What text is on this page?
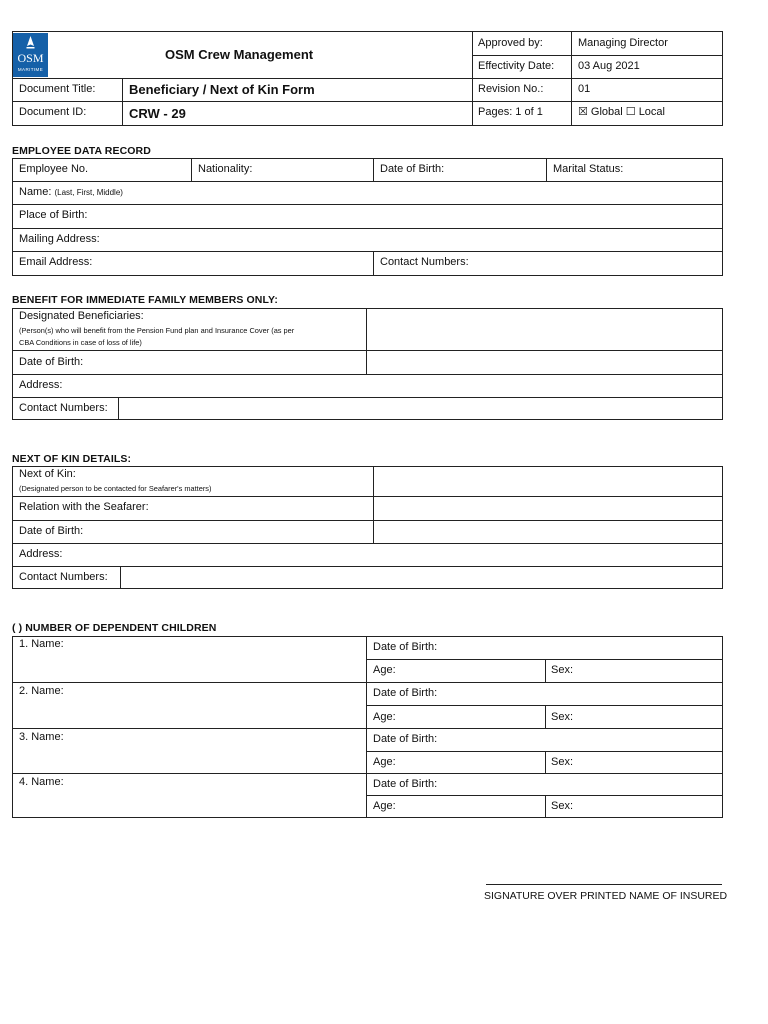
OSM
MARITIME
OSM Crew Management
Document Title:	Beneficiary / Next of Kin Form
Document ID:	CRW - 29
Approved by:	Managing Director
Effectivity Date: 03 Aug 2021
Revision No.:	01
Pages: 1 of 1	☒ Global ☐ Local
EMPLOYEE DATA RECORD
Employee No.	Nationality:	Date of Birth:	Marital Status:
Name: (Last, First, Middle)
Place of Birth:
Mailing Address:
Email Address:	Contact Numbers:
BENEFIT FOR IMMEDIATE FAMILY MEMBERS ONLY:
Designated Beneficiaries:
(Person(s) who will benefit from the Pension Fund plan and Insurance Cover (as per
CBA Conditions in case of loss of life)
Date of Birth:
Address:
Contact Numbers:
NEXT OF KIN DETAILS:
Next of Kin:
(Designated person to be contacted for Seafarer's matters)
Relation with the Seafarer:
Date of Birth:
Address:
Contact Numbers:
( ) NUMBER OF DEPENDENT CHILDREN
1. Name:	Date of Birth:
Age:	Sex:
2. Name:	Date of Birth:
Age:	Sex:
3. Name:	Date of Birth:
Age:	Sex:
4. Name:	Date of Birth:
Age:	Sex:
SIGNATURE OVER PRINTED NAME OF INSURED
